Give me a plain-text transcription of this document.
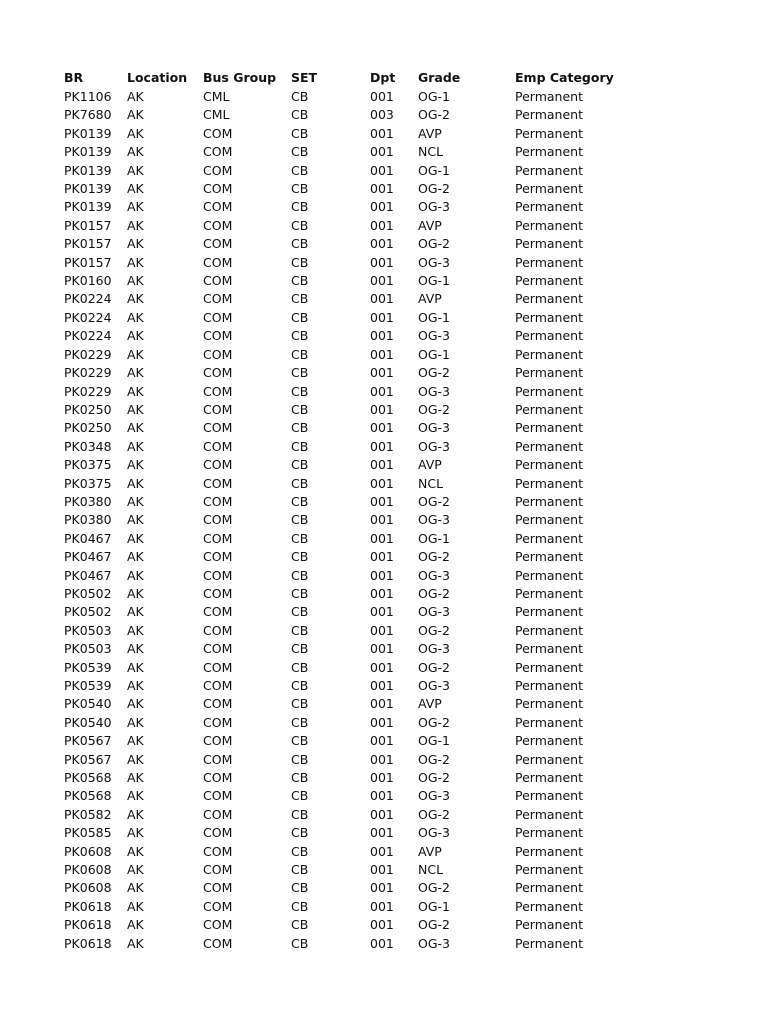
BR	Location	Bus Group	SET	Dpt	Grade	Emp Category
PK1106	AK	CML	CB	001	OG-1	Permanent
PK7680	AK	CML	CB	003	OG-2	Permanent
PK0139	AK	COM	CB	001	AVP	Permanent
PK0139	AK	COM	CB	001	NCL	Permanent
PK0139	AK	COM	CB	001	OG-1	Permanent
PK0139	AK	COM	CB	001	OG-2	Permanent
PK0139	AK	COM	CB	001	OG-3	Permanent
PK0157	AK	COM	CB	001	AVP	Permanent
PK0157	AK	COM	CB	001	OG-2	Permanent
PK0157	AK	COM	CB	001	OG-3	Permanent
PK0160	AK	COM	CB	001	OG-1	Permanent
PK0224	AK	COM	CB	001	AVP	Permanent
PK0224	AK	COM	CB	001	OG-1	Permanent
PK0224	AK	COM	CB	001	OG-3	Permanent
PK0229	AK	COM	CB	001	OG-1	Permanent
PK0229	AK	COM	CB	001	OG-2	Permanent
PK0229	AK	COM	CB	001	OG-3	Permanent
PK0250	AK	COM	CB	001	OG-2	Permanent
PK0250	AK	COM	CB	001	OG-3	Permanent
PK0348	AK	COM	CB	001	OG-3	Permanent
PK0375	AK	COM	CB	001	AVP	Permanent
PK0375	AK	COM	CB	001	NCL	Permanent
PK0380	AK	COM	CB	001	OG-2	Permanent
PK0380	AK	COM	CB	001	OG-3	Permanent
PK0467	AK	COM	CB	001	OG-1	Permanent
PK0467	AK	COM	CB	001	OG-2	Permanent
PK0467	AK	COM	CB	001	OG-3	Permanent
PK0502	AK	COM	CB	001	OG-2	Permanent
PK0502	AK	COM	CB	001	OG-3	Permanent
PK0503	AK	COM	CB	001	OG-2	Permanent
PK0503	AK	COM	CB	001	OG-3	Permanent
PK0539	AK	COM	CB	001	OG-2	Permanent
PK0539	AK	COM	CB	001	OG-3	Permanent
PK0540	AK	COM	CB	001	AVP	Permanent
PK0540	AK	COM	CB	001	OG-2	Permanent
PK0567	AK	COM	CB	001	OG-1	Permanent
PK0567	AK	COM	CB	001	OG-2	Permanent
PK0568	AK	COM	CB	001	OG-2	Permanent
PK0568	AK	COM	CB	001	OG-3	Permanent
PK0582	AK	COM	CB	001	OG-2	Permanent
PK0585	AK	COM	CB	001	OG-3	Permanent
PK0608	AK	COM	CB	001	AVP	Permanent
PK0608	AK	COM	CB	001	NCL	Permanent
PK0608	AK	COM	CB	001	OG-2	Permanent
PK0618	AK	COM	CB	001	OG-1	Permanent
PK0618	AK	COM	CB	001	OG-2	Permanent
PK0618	AK	COM	CB	001	OG-3	Permanent
